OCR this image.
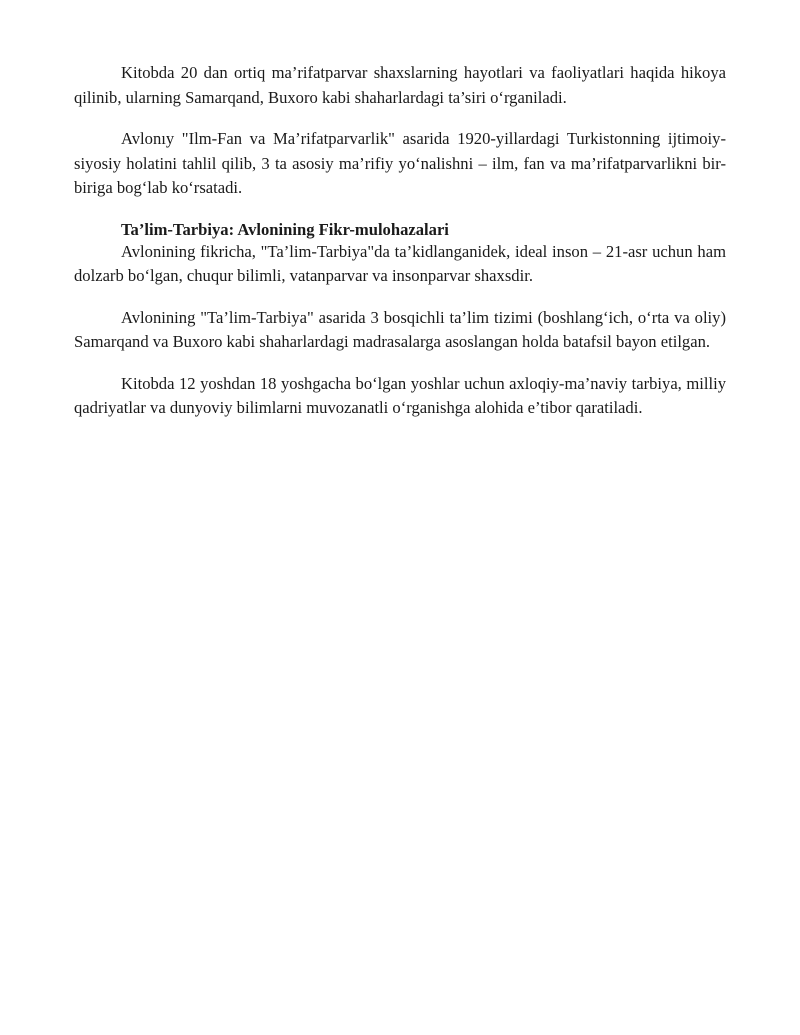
Kitobda 20 dan ortiq ma’rifatparvar shaxslarning hayotlari va faoliyatlari haqida hikoya qilinib, ularning Samarqand, Buxoro kabi shaharlardagi ta’siri o‘rganiladi.

Avlonıy "Ilm-Fan va Ma’rifatparvarlik" asarida 1920-yillardagi Turkistonning ijtimoiy-siyosiy holatini tahlil qilib, 3 ta asosiy ma’rifiy yo‘nalishni – ilm, fan va ma’rifatparvarlikni bir-biriga bog‘lab ko‘rsatadi.

Ta’lim-Tarbiya: Avlonining Fikr-mulohazalari

Avlonining fikricha, "Ta’lim-Tarbiya"da ta’kidlanganidek, ideal inson – 21-asr uchun ham dolzarb bo‘lgan, chuqur bilimli, vatanparvar va insonparvar shaxsdir.

Avlonining "Ta’lim-Tarbiya" asarida 3 bosqichli ta’lim tizimi (boshlang‘ich, o‘rta va oliy) Samarqand va Buxoro kabi shaharlardagi madrasalarga asoslangan holda batafsil bayon etilgan.

Kitobda 12 yoshdan 18 yoshgacha bo‘lgan yoshlar uchun axloqiy-ma’naviy tarbiya, milliy qadriyatlar va dunyoviy bilimlarni muvozanatli o‘rganishga alohida e’tibor qaratiladi.
